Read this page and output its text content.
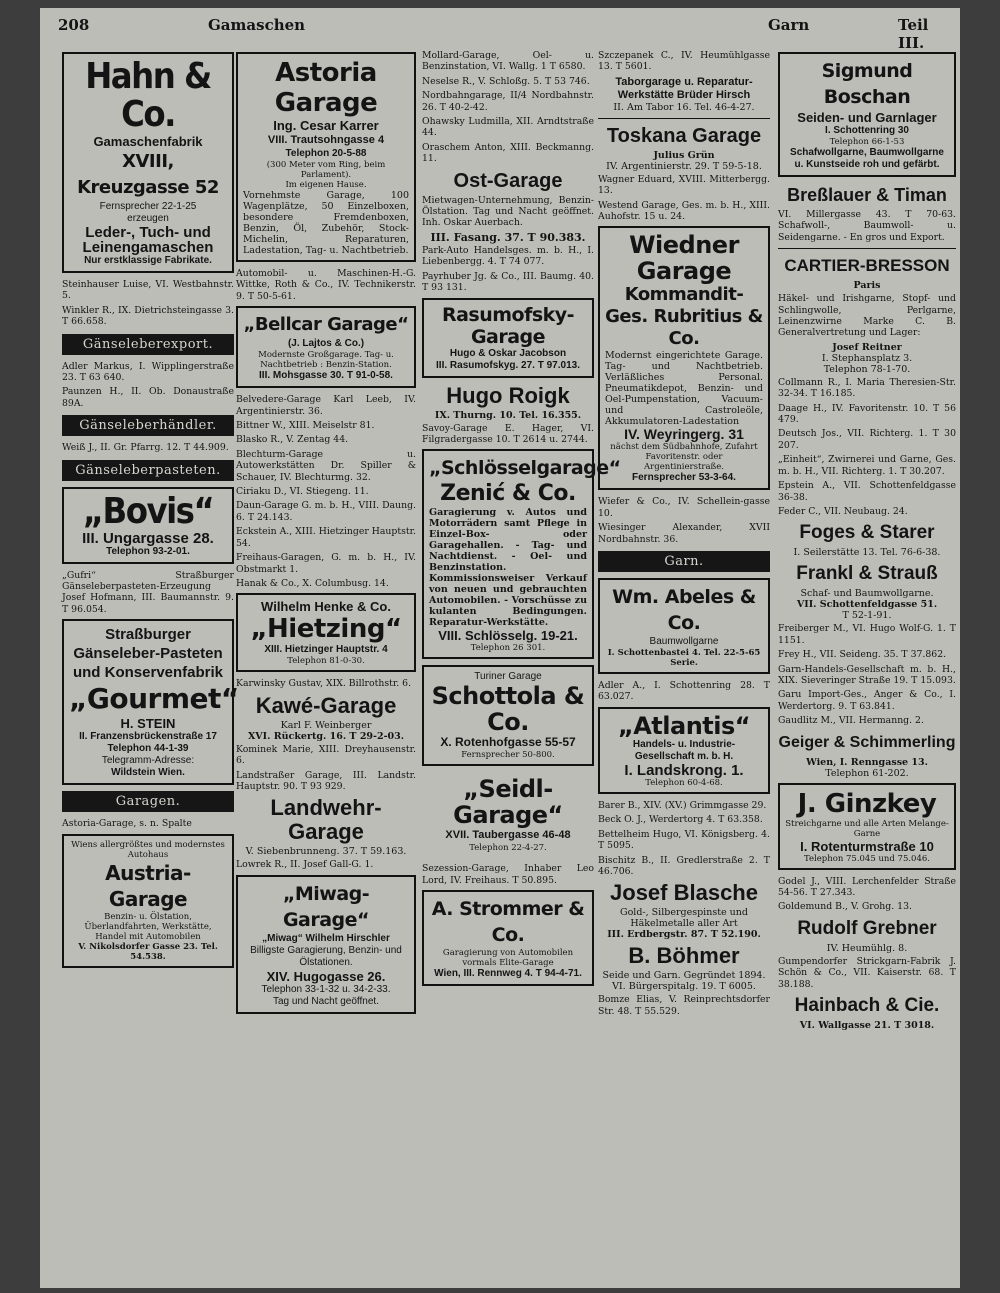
208	Gamaschen	Garn	Teil III.
Hahn & Co.
Gamaschenfabrik
XVIII, Kreuzgasse 52
Fernsprecher 22-1-25
erzeugen
Leder-, Tuch- und Leinengamaschen
Nur erstklassige Fabrikate.
Steinhauser Luise, VI. Westbahnstr. 5.
Winkler R., IX. Dietrichsteingasse 3. T 66.658.
Gänseleberexport.
Adler Markus, I. Wipplingerstraße 23. T 63 640.
Paunzen H., II. Ob. Donaustraße 89A.
Gänseleberhändler.
Weiß J., II. Gr. Pfarrg. 12. T 44.909.
Gänseleberpasteten.
„Bovis“
III. Ungargasse 28.
Telephon 93-2-01.
„Gufri“ Straßburger Gänseleberpasteten-Erzeugung Josef Hofmann, III. Baumannstr. 9. T 96.054.
Straßburger Gänseleber-Pasteten und Konservenfabrik
„Gourmet“
H. STEIN
II. Franzensbrückenstraße 17
Telephon 44-1-39
Telegramm-Adresse:
Wildstein Wien.
Garagen.
Astoria-Garage, s. n. Spalte
Wiens allergrößtes und modernstes Autohaus
Austria-Garage
Benzin- u. Ölstation, Überlandfahrten, Werkstätte, Handel mit Automobilen
V. Nikolsdorfer Gasse 23. Tel. 54.538.
Astoria Garage
Ing. Cesar Karrer
VIII. Trautsohngasse 4
Telephon 20-5-88
(300 Meter vom Ring, beim Parlament).
Im eigenen Hause.
Vornehmste Garage, 100 Wagenplätze, 50 Einzelboxen, besondere Fremdenboxen, Benzin, Öl, Zubehör, Stock-Michelin, Reparaturen, Ladestation, Tag- u. Nachtbetrieb.
Automobil- u. Maschinen-H.-G. Wittke, Roth & Co., IV. Technikerstr. 9. T 50-5-61.
„Bellcar Garage“
(J. Lajtos & Co.)
Modernste Großgarage. Tag- u. Nachtbetrieb : Benzin-Station.
III. Mohsgasse 30. T 91-0-58.
Belvedere-Garage Karl Leeb, IV. Argentinierstr. 36.
Bittner W., XIII. Meiselstr 81.
Blasko R., V. Zentag 44.
Blechturm-Garage u. Autowerkstätten Dr. Spiller & Schauer, IV. Blechturmg. 32.
Ciriaku D., VI. Stiegeng. 11.
Daun-Garage G. m. b. H., VIII. Daung. 6. T 24.143.
Eckstein A., XIII. Hietzinger Hauptstr. 54.
Freihaus-Garagen, G. m. b. H., IV. Obstmarkt 1.
Hanak & Co., X. Columbusg. 14.
Wilhelm Henke & Co.
„Hietzing“
XIII. Hietzinger Hauptstr. 4
Telephon 81-0-30.
Karwinsky Gustav, XIX. Billrothstr. 6.
Kawé-Garage
Karl F. Weinberger
XVI. Rückertg. 16. T 29-2-03.
Kominek Marie, XIII. Dreyhausenstr. 6.
Landstraßer Garage, III. Landstr. Hauptstr. 90. T 93 929.
Landwehr-Garage
V. Siebenbrunneng. 37. T 59.163.
Lowrek R., II. Josef Gall-G. 1.
„Miwag-Garage“
„Miwag“ Wilhelm Hirschler
Billigste Garagierung, Benzin- und Ölstationen.
XIV. Hugogasse 26.
Telephon 33-1-32 u. 34-2-33.
Tag und Nacht geöffnet.
Mollard-Garage, Oel- u. Benzinstation, VI. Wallg. 1 T 6580.
Neselse R., V. Schloßg. 5. T 53 746.
Nordbahngarage, II/4 Nordbahnstr. 26. T 40-2-42.
Ohawsky Ludmilla, XII. Arndtstraße 44.
Oraschem Anton, XIII. Beckmanng. 11.
Ost-Garage
Mietwagen-Unternehmung, Benzin-Ölstation. Tag und Nacht geöffnet. Inh. Oskar Auerbach.
III. Fasang. 37. T 90.383.
Park-Auto Handelsges. m. b. H., I. Liebenbergg. 4. T 74 077.
Payrhuber Jg. & Co., III. Baumg. 40. T 93 131.
Rasumofsky-Garage
Hugo & Oskar Jacobson
III. Rasumofskyg. 27. T 97.013.
Hugo Roigk
IX. Thurng. 10. Tel. 16.355.
Savoy-Garage E. Hager, VI. Filgradergasse 10. T 2614 u. 2744.
„Schlösselgarage“
Zenić & Co.
Garagierung v. Autos und Motorrädern samt Pflege in Einzel-Box- oder Garagehallen. - Tag- und Nachtdienst. - Oel- und Benzinstation. Kommissionsweiser Verkauf von neuen und gebrauchten Automobilen. - Vorschüsse zu kulanten Bedingungen. Reparatur-Werkstätte.
VIII. Schlösselg. 19-21.
Telephon 26 301.
Turiner Garage
Schottola & Co.
X. Rotenhofgasse 55-57
Fernsprecher 50-800.
„Seidl-Garage“
XVII. Taubergasse 46-48
Telephon 22-4-27.
Sezession-Garage, Inhaber Leo Lord, IV. Freihaus. T 50.895.
A. Strommer & Co.
Garagierung von Automobilen vormals Elite-Garage
Wien, III. Rennweg 4. T 94-4-71.
Szczepanek C., IV. Heumühlgasse 13. T 5601.
Taborgarage u. Reparatur-Werkstätte Brüder Hirsch
II. Am Tabor 16. Tel. 46-4-27.
Toskana Garage
Julius Grün
IV. Argentinierstr. 29. T 59-5-18.
Wagner Eduard, XVIII. Mitterbergg. 13.
Westend Garage, Ges. m. b. H., XIII. Auhofstr. 15 u. 24.
Wiedner Garage
Kommandit-Ges. Rubritius & Co.
Modernst eingerichtete Garage. Tag- und Nachtbetrieb. Verläßliches Personal. Pneumatikdepot, Benzin- und Oel-Pumpenstation, Vacuum- und Castroleöle, Akkumulatoren-Ladestation
IV. Weyringerg. 31
nächst dem Südbahnhofe, Zufahrt Favoritenstr. oder Argentinierstraße.
Fernsprecher 53-3-64.
Wiefer & Co., IV. Schellein-gasse 10.
Wiesinger Alexander, XVII Nordbahnstr. 36.
Garn.
Wm. Abeles & Co.
Baumwollgarne
I. Schottenbastei 4. Tel. 22-5-65 Serie.
Adler A., I. Schottenring 28. T 63.027.
„Atlantis“
Handels- u. Industrie-Gesellschaft m. b. H.
I. Landskrong. 1.
Telephon 60-4-68.
Barer B., XIV. (XV.) Grimmgasse 29.
Beck O. J., Werdertorg 4. T 63.358.
Bettelheim Hugo, VI. Königsberg. 4. T 5095.
Bischitz B., II. Gredlerstraße 2. T 46.706.
Josef Blasche
Gold-, Silbergespinste und Häkelmetalle aller Art
III. Erdbergstr. 87. T 52.190.
B. Böhmer
Seide und Garn. Gegründet 1894.
VI. Bürgerspitalg. 19. T 6005.
Bomze Elias, V. Reinprechtsdorfer Str. 48. T 55.529.
Sigmund Boschan
Seiden- und Garnlager
I. Schottenring 30
Telephon 66-1-53
Schafwollgarne, Baumwollgarne u. Kunstseide roh und gefärbt.
Breßlauer & Timan
VI. Millergasse 43. T 70-63. Schafwoll-, Baumwoll- u. Seidengarne. - En gros und Export.
CARTIER-BRESSON
Paris
Häkel- und Irishgarne, Stopf- und Schlingwolle, Perlgarne, Leinenzwirne Marke C. B. Generalvertretung und Lager:
Josef Reitner
I. Stephansplatz 3.
Telephon 78-1-70.
Collmann R., I. Maria Theresien-Str. 32-34. T 16.185.
Daage H., IV. Favoritenstr. 10. T 56 479.
Deutsch Jos., VII. Richterg. 1. T 30 207.
„Einheit“, Zwirnerei und Garne, Ges. m. b. H., VII. Richterg. 1. T 30.207.
Epstein A., VII. Schottenfeldgasse 36-38.
Feder C., VII. Neubaug. 24.
Foges & Starer
I. Seilerstätte 13. Tel. 76-6-38.
Frankl & Strauß
Schaf- und Baumwollgarne.
VII. Schottenfeldgasse 51.
T 52-1-91.
Freiberger M., VI. Hugo Wolf-G. 1. T 1151.
Frey H., VII. Seideng. 35. T 37.862.
Garn-Handels-Gesellschaft m. b. H., XIX. Sieveringer Straße 19. T 15.093.
Garu Import-Ges., Anger & Co., I. Werdertorg. 9. T 63.841.
Gaudlitz M., VII. Hermanng. 2.
Geiger & Schimmerling
Wien, I. Renngasse 13.
Telephon 61-202.
J. Ginzkey
Streichgarne und alle Arten Melange-Garne
I. Rotenturmstraße 10
Telephon 75.045 und 75.046.
Godel J., VIII. Lerchenfelder Straße 54-56. T 27.343.
Goldemund B., V. Grohg. 13.
Rudolf Grebner
IV. Heumühlg. 8.
Gumpendorfer Strickgarn-Fabrik J. Schön & Co., VII. Kaiserstr. 68. T 38.188.
Hainbach & Cie.
VI. Wallgasse 21. T 3018.
